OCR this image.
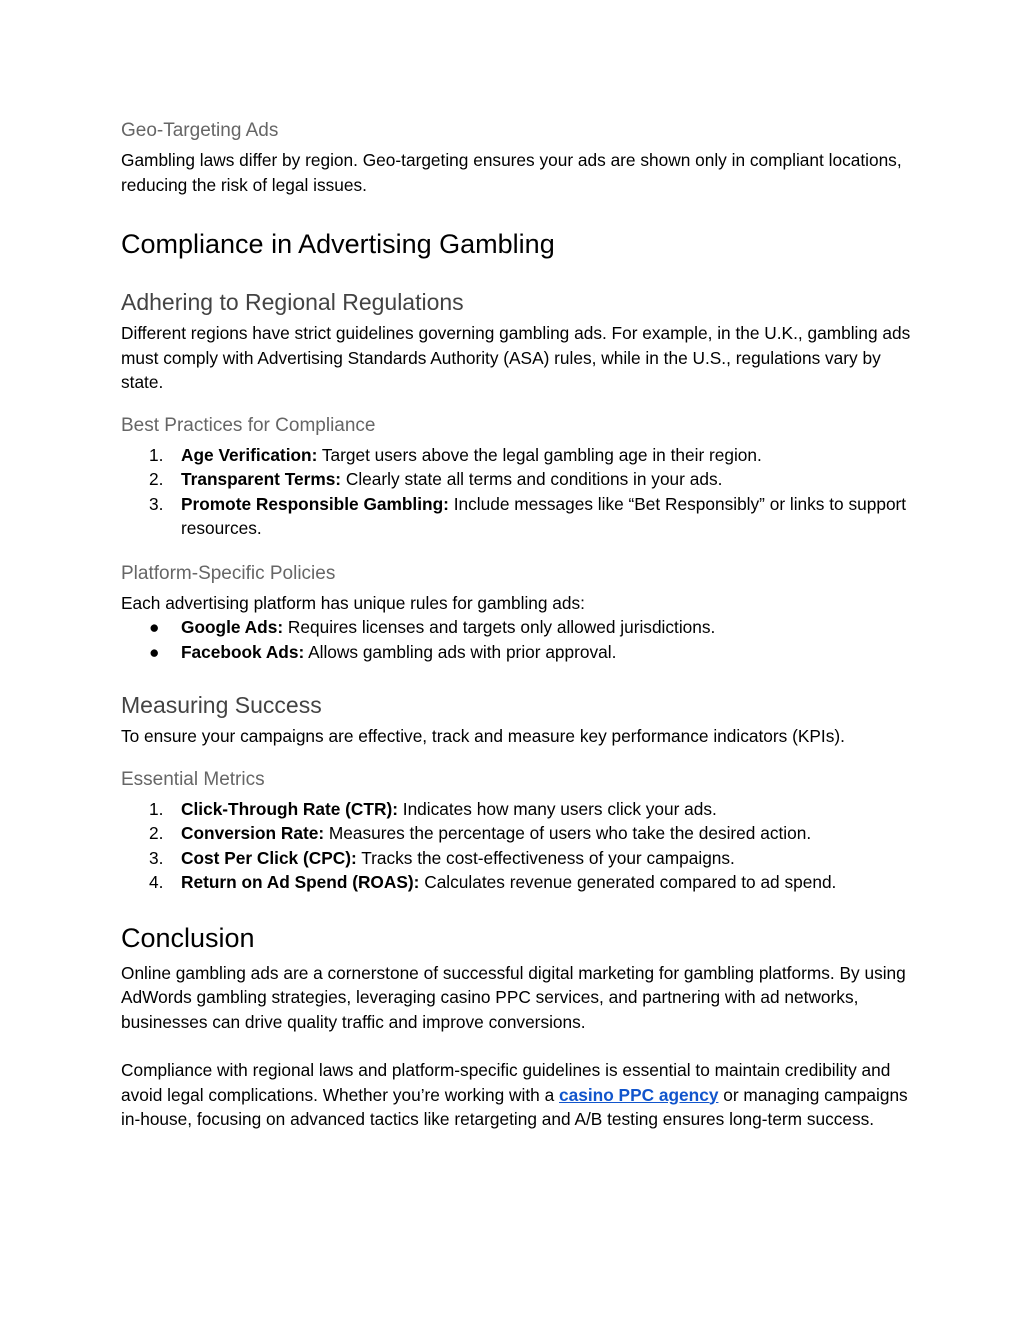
Geo-Targeting Ads

Gambling laws differ by region. Geo-targeting ensures your ads are shown only in compliant locations, reducing the risk of legal issues.

Compliance in Advertising Gambling
Adhering to Regional Regulations

Different regions have strict guidelines governing gambling ads. For example, in the U.K., gambling ads must comply with Advertising Standards Authority (ASA) rules, while in the U.S., regulations vary by state.

Best Practices for Compliance
1. Age Verification: Target users above the legal gambling age in their region.
2. Transparent Terms: Clearly state all terms and conditions in your ads.
3. Promote Responsible Gambling: Include messages like “Bet Responsibly” or links to support resources.
Platform-Specific Policies

Each advertising platform has unique rules for gambling ads:

● Google Ads: Requires licenses and targets only allowed jurisdictions.
● Facebook Ads: Allows gambling ads with prior approval.
Measuring Success

To ensure your campaigns are effective, track and measure key performance indicators (KPIs).

Essential Metrics
1. Click-Through Rate (CTR): Indicates how many users click your ads.
2. Conversion Rate: Measures the percentage of users who take the desired action.
3. Cost Per Click (CPC): Tracks the cost-effectiveness of your campaigns.
4. Return on Ad Spend (ROAS): Calculates revenue generated compared to ad spend.
Conclusion

Online gambling ads are a cornerstone of successful digital marketing for gambling platforms. By using AdWords gambling strategies, leveraging casino PPC services, and partnering with ad networks, businesses can drive quality traffic and improve conversions.

Compliance with regional laws and platform-specific guidelines is essential to maintain credibility and avoid legal complications. Whether you’re working with a casino PPC agency or managing campaigns in-house, focusing on advanced tactics like retargeting and A/B testing ensures long-term success.
